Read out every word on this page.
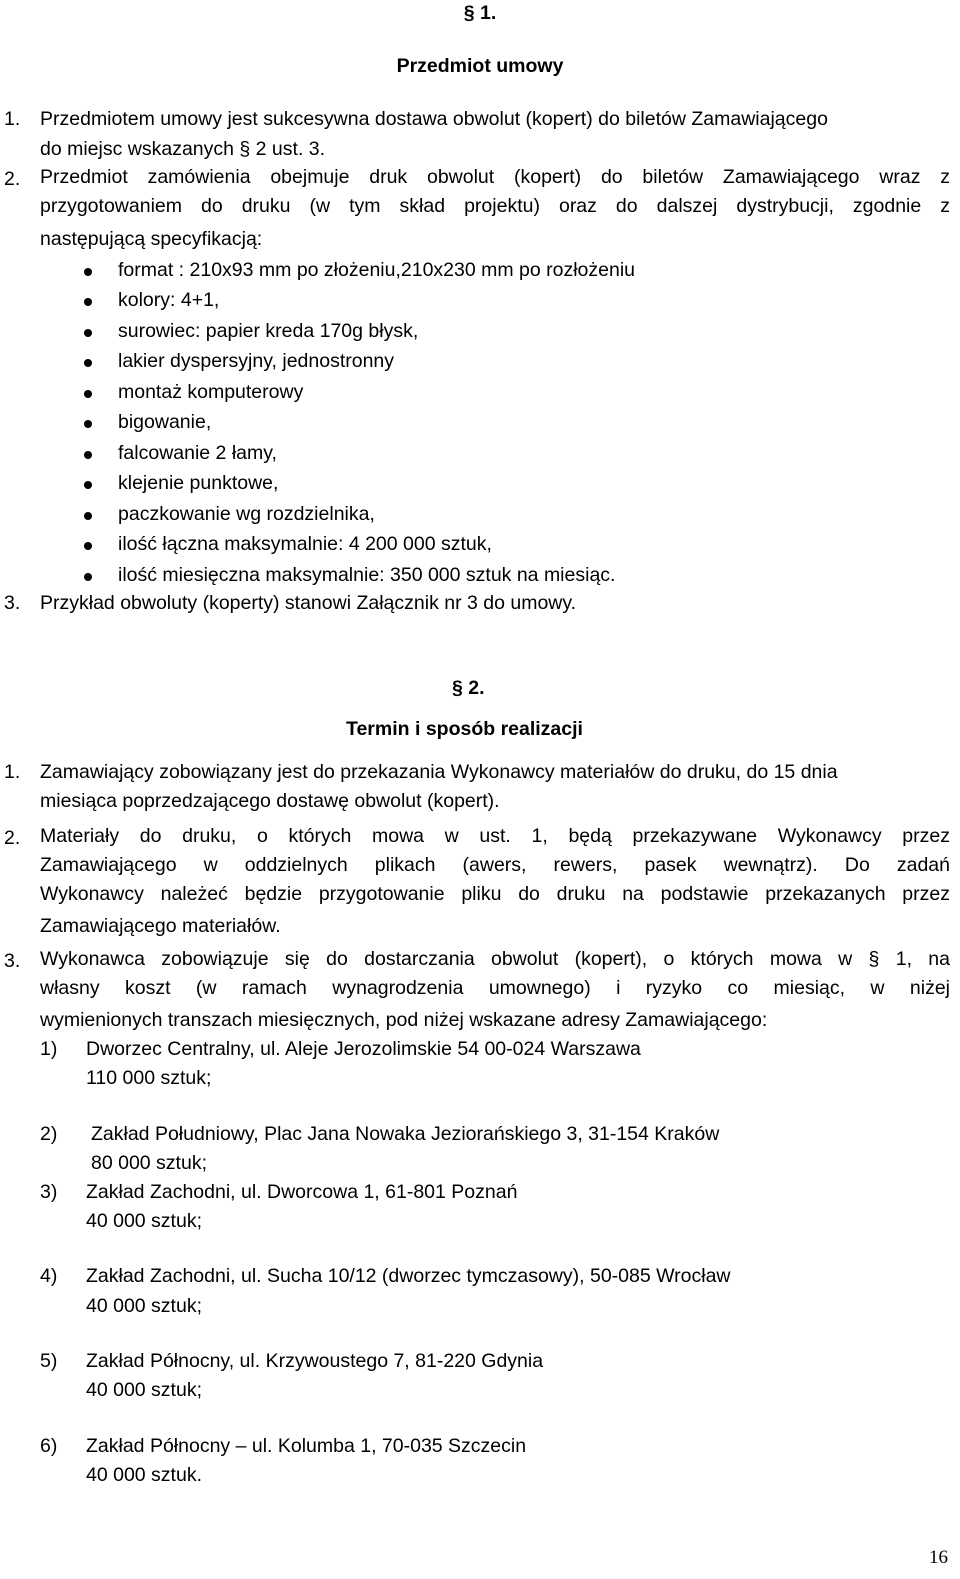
§ 1.
Przedmiot umowy
1. Przedmiotem umowy jest sukcesywna dostawa obwolut (kopert) do biletów Zamawiającego
do miejsc wskazanych § 2 ust. 3.
2. Przedmiot zamówienia obejmuje druk obwolut (kopert) do biletów Zamawiającego wraz z
przygotowaniem do druku (w tym skład projektu) oraz do dalszej dystrybucji, zgodnie z
następującą specyfikacją:
format : 210x93 mm po złożeniu,210x230 mm po rozłożeniu
kolory: 4+1,
surowiec: papier kreda 170g błysk,
lakier dyspersyjny, jednostronny
montaż komputerowy
bigowanie,
falcowanie 2 łamy,
klejenie punktowe,
paczkowanie wg rozdzielnika,
ilość łączna maksymalnie: 4 200 000 sztuk,
ilość miesięczna maksymalnie: 350 000 sztuk na miesiąc.
3. Przykład obwoluty (koperty) stanowi Załącznik nr 3 do umowy.
§ 2.
Termin i sposób realizacji
1. Zamawiający zobowiązany jest do przekazania Wykonawcy materiałów do druku, do 15 dnia
miesiąca poprzedzającego dostawę obwolut (kopert).
2. Materiały do druku, o których mowa w ust. 1, będą przekazywane Wykonawcy przez
Zamawiającego w oddzielnych plikach (awers, rewers, pasek wewnątrz). Do zadań
Wykonawcy należeć będzie przygotowanie pliku do druku na podstawie przekazanych przez
Zamawiającego materiałów.
3. Wykonawca zobowiązuje się do dostarczania obwolut (kopert), o których mowa w § 1, na
własny koszt (w ramach wynagrodzenia umownego) i ryzyko co miesiąc, w niżej
wymienionych transzach miesięcznych, pod niżej wskazane adresy Zamawiającego:
1) Dworzec Centralny, ul. Aleje Jerozolimskie 54 00-024 Warszawa
110 000 sztuk;
2) Zakład Południowy, Plac Jana Nowaka Jeziorańskiego 3, 31-154 Kraków
80 000 sztuk;
3) Zakład Zachodni, ul. Dworcowa 1, 61-801 Poznań
40 000 sztuk;
4) Zakład Zachodni, ul. Sucha 10/12 (dworzec tymczasowy), 50-085 Wrocław
40 000 sztuk;
5) Zakład Północny, ul. Krzywoustego 7, 81-220 Gdynia
40 000 sztuk;
6) Zakład Północny – ul. Kolumba 1, 70-035 Szczecin
40 000 sztuk.
16
